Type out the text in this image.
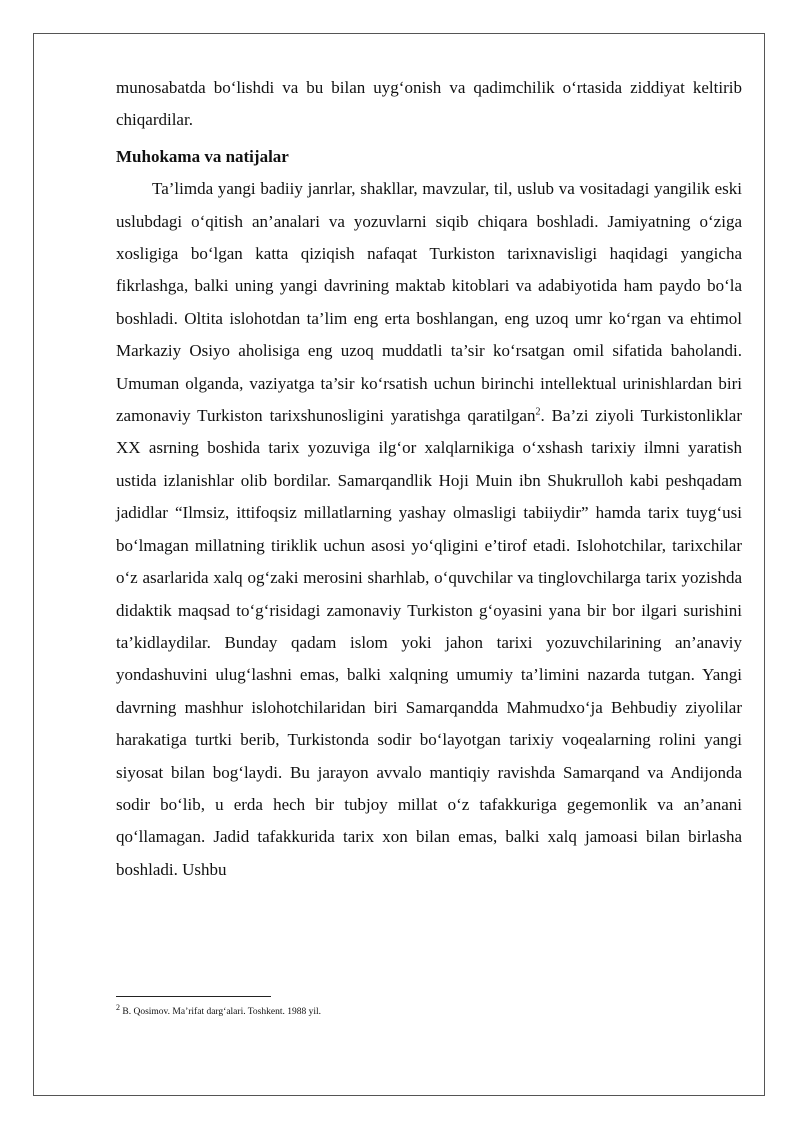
munosabatda bo‘lishdi va bu bilan uyg‘onish va qadimchilik o‘rtasida ziddiyat keltirib chiqardilar.

Muhokama va natijalar

Ta’limda yangi badiiy janrlar, shakllar, mavzular, til, uslub va vositadagi yangilik eski uslubdagi o‘qitish an’analari va yozuvlarni siqib chiqara boshladi. Jamiyatning o‘ziga xosligiga bo‘lgan katta qiziqish nafaqat Turkiston tarixnavisligi haqidagi yangicha fikrlashga, balki uning yangi davrining maktab kitoblari va adabiyotida ham paydo bo‘la boshladi. Oltita islohotdan ta’lim eng erta boshlangan, eng uzoq umr ko‘rgan va ehtimol Markaziy Osiyo aholisiga eng uzoq muddatli ta’sir ko‘rsatgan omil sifatida baholandi. Umuman olganda, vaziyatga ta’sir ko‘rsatish uchun birinchi intellektual urinishlardan biri zamonaviy Turkiston tarixshunosligini yaratishga qaratilgan$^2$. Ba’zi ziyoli Turkistonliklar XX asrning boshida tarix yozuviga ilg‘or xalqlarnikiga o‘xshash tarixiy ilmni yaratish ustida izlanishlar olib bordilar. Samarqandlik Hoji Muin ibn Shukrulloh kabi peshqadam jadidlar “Ilmsiz, ittifoqsiz millatlarning yashay olmasligi tabiiydir” hamda tarix tuyg‘usi bo‘lmagan millatning tiriklik uchun asosi yo‘qligini e’tirof etadi. Islohotchilar, tarixchilar o‘z asarlarida xalq og‘zaki merosini sharhlab, o‘quvchilar va tinglovchilarga tarix yozishda didaktik maqsad to‘g‘risidagi zamonaviy Turkiston g‘oyasini yana bir bor ilgari surishini ta’kidlaydilar. Bunday qadam islom yoki jahon tarixi yozuvchilarining an’anaviy yondashuvini ulug‘lashni emas, balki xalqning umumiy ta’limini nazarda tutgan. Yangi davrning mashhur islohotchilaridan biri Samarqandda Mahmudxo‘ja Behbudiy ziyolilar harakatiga turtki berib, Turkistonda sodir bo‘layotgan tarixiy voqealarning rolini yangi siyosat bilan bog‘laydi. Bu jarayon avvalo mantiqiy ravishda Samarqand va Andijonda sodir bo‘lib, u erda hech bir tubjoy millat o‘z tafakkuriga gegemonlik va an’anani qo‘llamagan. Jadid tafakkurida tarix xon bilan emas, balki xalq jamoasi bilan birlasha boshladi. Ushbu

$^2$ B. Qosimov. Ma’rifat darg‘alari. Toshkent. 1988 yil.
